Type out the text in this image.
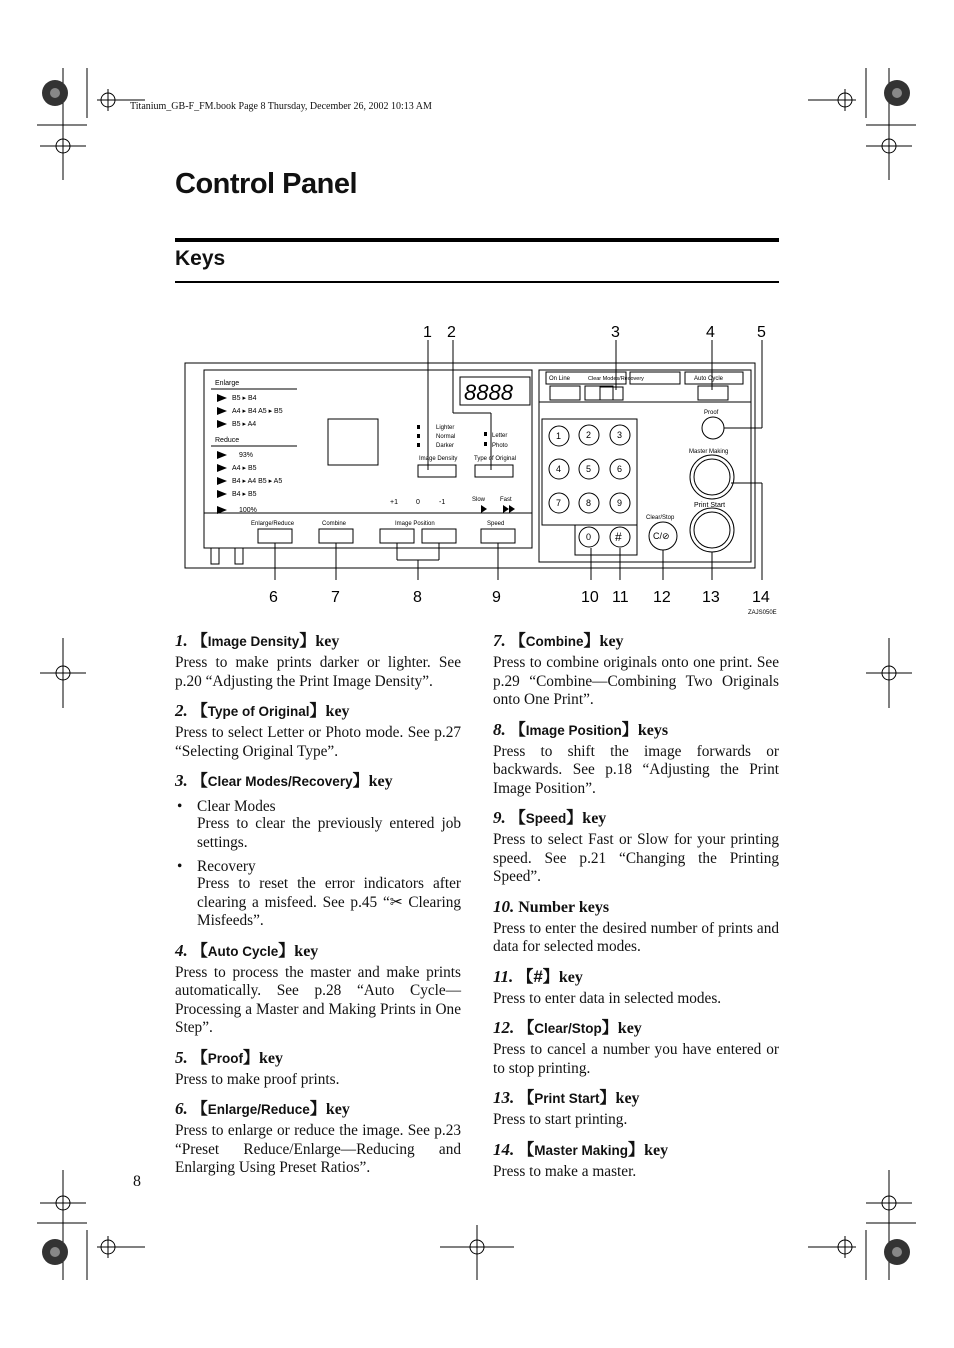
Titanium_GB-F_FM.book Page 8 Thursday, December 26, 2002 10:13 AM
Control Panel
Keys
Enlarge
Reduce
B5 ▸ B4
A4 ▸ B4 A5 ▸ B5
B5 ▸ A4
93%
A4 ▸ B5
B4 ▸ A4 B5 ▸ A5
B4 ▸ B5
100%
Lighter
Normal
Darker
Letter
Photo
Image Density	Type of Original
+1	0	-1	Slow Fast
Enlarge/Reduce	Combine	Image Position	Speed
8888
On Line	Clear Modes/Recovery	Auto Cycle
Proof
Master Making
Print Start
Clear/Stop
C/⊘
1	2	3
4	5	6
7	8	9
0 #
ZAJS050E
1 2	3	4	5
6	7	8	9	10 11 12 13 14
1. 【Image Density】key
Press to make prints darker or lighter. See p.20 “Adjusting the Print Image Density”.
2. 【Type of Original】key
Press to select Letter or Photo mode. See p.27 “Selecting Original Type”.
3. 【Clear Modes/Recovery】key
• Clear Modes
Press to clear the previously entered job settings.
• Recovery
Press to reset the error indicators after clearing a misfeed. See p.45 “✂ Clearing Misfeeds”.
4. 【Auto Cycle】key
Press to process the master and make prints automatically. See p.28 “Auto Cycle—Processing a Master and Making Prints in One Step”.
5. 【Proof】key
Press to make proof prints.
6. 【Enlarge/Reduce】key
Press to enlarge or reduce the image. See p.23 “Preset Reduce/Enlarge—Reducing and Enlarging Using Preset Ratios”.
7. 【Combine】key
Press to combine originals onto one print. See p.29 “Combine—Combining Two Originals onto One Print”.
8. 【Image Position】keys
Press to shift the image forwards or backwards. See p.18 “Adjusting the Print Image Position”.
9. 【Speed】key
Press to select Fast or Slow for your printing speed. See p.21 “Changing the Printing Speed”.
10. Number keys
Press to enter the desired number of prints and data for selected modes.
11. 【#】key
Press to enter data in selected modes.
12. 【Clear/Stop】key
Press to cancel a number you have entered or to stop printing.
13. 【Print Start】key
Press to start printing.
14. 【Master Making】key
Press to make a master.
8
